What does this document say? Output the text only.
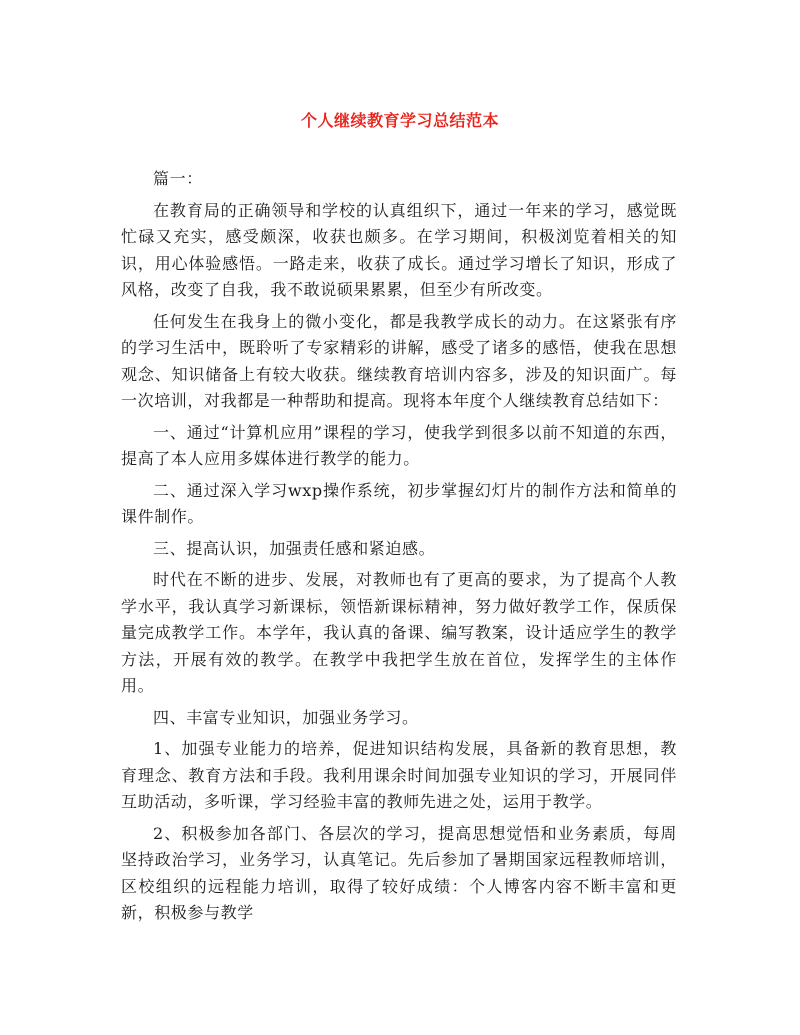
个人继续教育学习总结范本

篇一：

在教育局的正确领导和学校的认真组织下，通过一年来的学习，感觉既忙碌又充实，感受颇深，收获也颇多。在学习期间，积极浏览着相关的知识，用心体验感悟。一路走来，收获了成长。通过学习增长了知识，形成了风格，改变了自我，我不敢说硕果累累，但至少有所改变。

任何发生在我身上的微小变化，都是我教学成长的动力。在这紧张有序的学习生活中，既聆听了专家精彩的讲解，感受了诸多的感悟，使我在思想观念、知识储备上有较大收获。继续教育培训内容多，涉及的知识面广。每一次培训，对我都是一种帮助和提高。现将本年度个人继续教育总结如下：

一、通过“计算机应用”课程的学习，使我学到很多以前不知道的东西，提高了本人应用多媒体进行教学的能力。

二、通过深入学习wxp操作系统，初步掌握幻灯片的制作方法和简单的课件制作。

三、提高认识，加强责任感和紧迫感。

时代在不断的进步、发展，对教师也有了更高的要求，为了提高个人教学水平，我认真学习新课标，领悟新课标精神，努力做好教学工作，保质保量完成教学工作。本学年，我认真的备课、编写教案，设计适应学生的教学方法，开展有效的教学。在教学中我把学生放在首位，发挥学生的主体作用。

四、丰富专业知识，加强业务学习。

1、加强专业能力的培养，促进知识结构发展，具备新的教育思想，教育理念、教育方法和手段。我利用课余时间加强专业知识的学习，开展同伴互助活动，多听课，学习经验丰富的教师先进之处，运用于教学。

2、积极参加各部门、各层次的学习，提高思想觉悟和业务素质，每周坚持政治学习，业务学习，认真笔记。先后参加了暑期国家远程教师培训，区校组织的远程能力培训，取得了较好成绩：个人博客内容不断丰富和更新，积极参与教学
